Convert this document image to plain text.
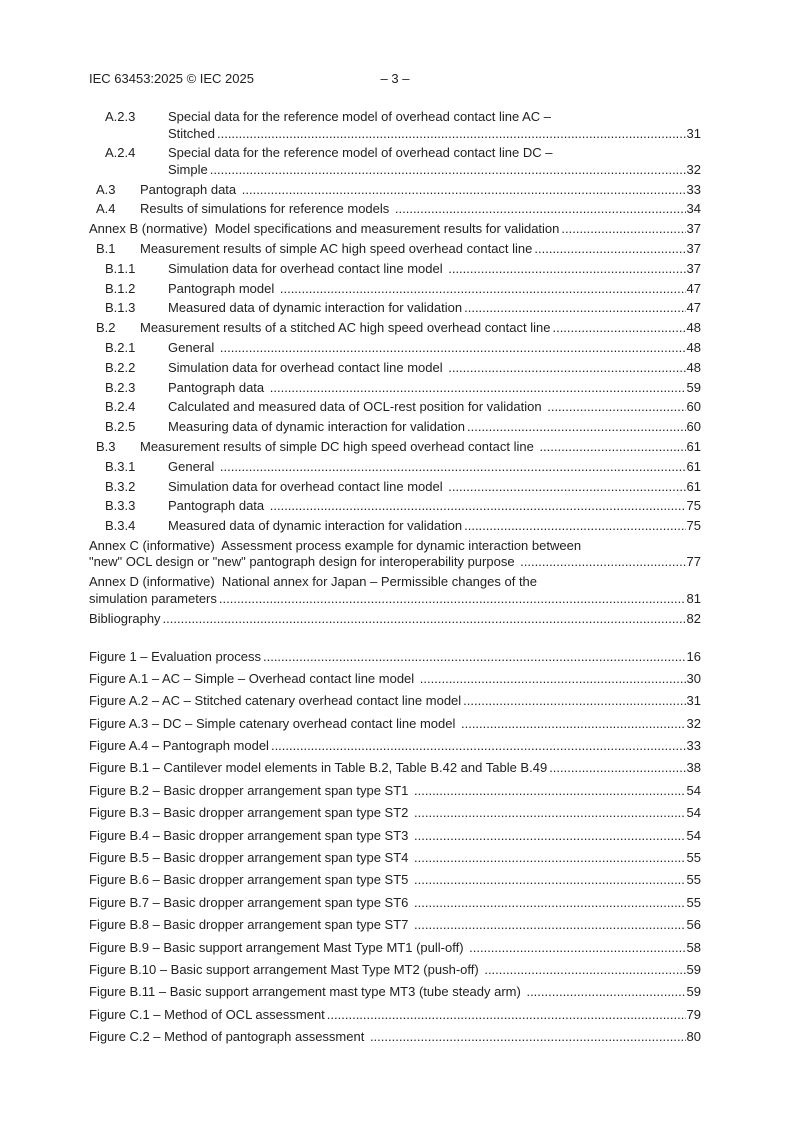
IEC 63453:2025 © IEC 2025	– 3 –
A.2.3	Special data for the reference model of overhead contact line AC –
Stitched .....	31
A.2.4	Special data for the reference model of overhead contact line DC –
Simple .....	32
A.3	Pantograph data .....	33
A.4	Results of simulations for reference models .....	34
Annex B (normative)  Model specifications and measurement results for validation .....	37
B.1	Measurement results of simple AC high speed overhead contact line .....	37
B.1.1	Simulation data for overhead contact line model .....	37
B.1.2	Pantograph model .....	47
B.1.3	Measured data of dynamic interaction for validation .....	47
B.2	Measurement results of a stitched AC high speed overhead contact line .....	48
B.2.1	General .....	48
B.2.2	Simulation data for overhead contact line model .....	48
B.2.3	Pantograph data .....	59
B.2.4	Calculated and measured data of OCL-rest position for validation .....	60
B.2.5	Measuring data of dynamic interaction for validation .....	60
B.3	Measurement results of simple DC high speed overhead contact line .....	61
B.3.1	General .....	61
B.3.2	Simulation data for overhead contact line model .....	61
B.3.3	Pantograph data .....	75
B.3.4	Measured data of dynamic interaction for validation .....	75
Annex C (informative)  Assessment process example for dynamic interaction between
"new" OCL design or "new" pantograph design for interoperability purpose .....	77
Annex D (informative)  National annex for Japan – Permissible changes of the
simulation parameters .....	81
Bibliography .....	82
Figure 1 – Evaluation process .....	16
Figure A.1 – AC – Simple – Overhead contact line model .....	30
Figure A.2 – AC – Stitched catenary overhead contact line model .....	31
Figure A.3 – DC – Simple catenary overhead contact line model .....	32
Figure A.4 – Pantograph model .....	33
Figure B.1 – Cantilever model elements in Table B.2, Table B.42 and Table B.49 .....	38
Figure B.2 – Basic dropper arrangement span type ST1 .....	54
Figure B.3 – Basic dropper arrangement span type ST2 .....	54
Figure B.4 – Basic dropper arrangement span type ST3 .....	54
Figure B.5 – Basic dropper arrangement span type ST4 .....	55
Figure B.6 – Basic dropper arrangement span type ST5 .....	55
Figure B.7 – Basic dropper arrangement span type ST6 .....	55
Figure B.8 – Basic dropper arrangement span type ST7 .....	56
Figure B.9 – Basic support arrangement Mast Type MT1 (pull-off) .....	58
Figure B.10 – Basic support arrangement Mast Type MT2 (push-off) .....	59
Figure B.11 – Basic support arrangement mast type MT3 (tube steady arm) .....	59
Figure C.1 – Method of OCL assessment .....	79
Figure C.2 – Method of pantograph assessment .....	80
